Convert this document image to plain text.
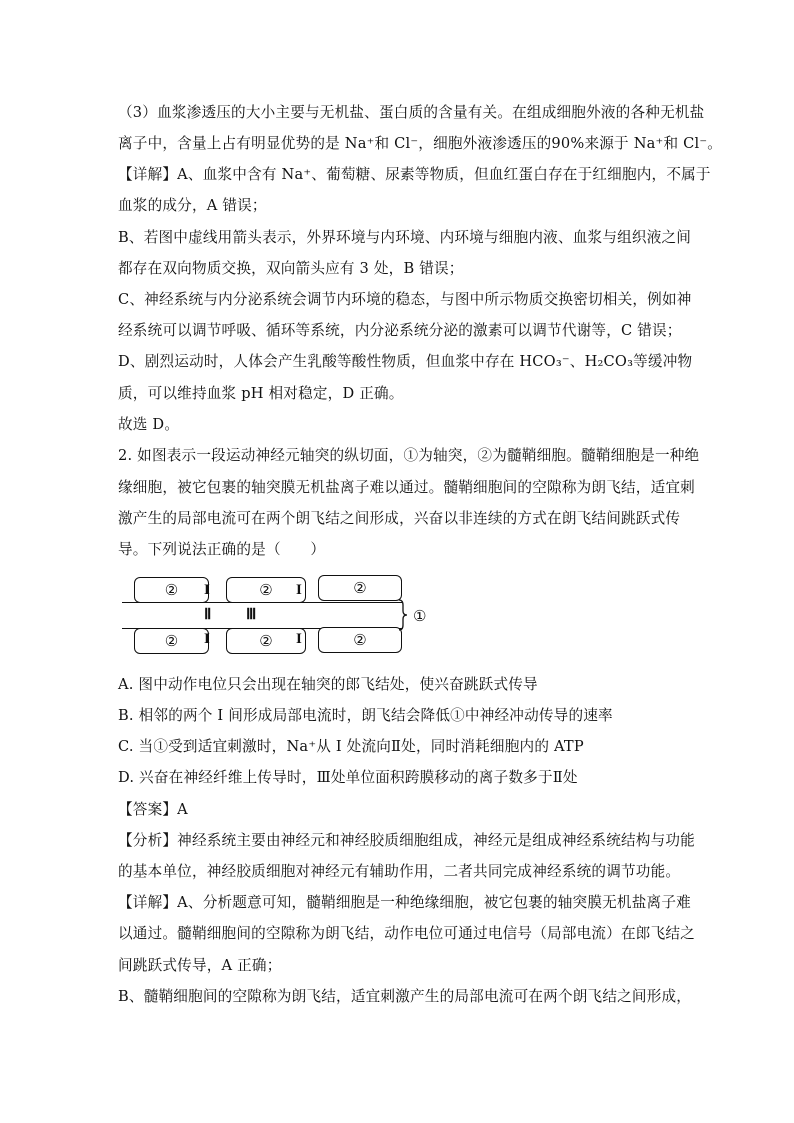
（3）血浆渗透压的大小主要与无机盐、蛋白质的含量有关。在组成细胞外液的各种无机盐
离子中，含量上占有明显优势的是 Na⁺和 Cl⁻，细胞外液渗透压的90%来源于 Na⁺和 Cl⁻。
【详解】A、血浆中含有 Na⁺、葡萄糖、尿素等物质，但血红蛋白存在于红细胞内，不属于
血浆的成分，A 错误；
B、若图中虚线用箭头表示，外界环境与内环境、内环境与细胞内液、血浆与组织液之间
都存在双向物质交换，双向箭头应有 3 处，B 错误；
C、神经系统与内分泌系统会调节内环境的稳态，与图中所示物质交换密切相关，例如神
经系统可以调节呼吸、循环等系统，内分泌系统分泌的激素可以调节代谢等，C 错误；
D、剧烈运动时，人体会产生乳酸等酸性物质，但血浆中存在 HCO₃⁻、H₂CO₃等缓冲物
质，可以维持血浆 pH 相对稳定，D 正确。
故选 D。
2. 如图表示一段运动神经元轴突的纵切面，①为轴突，②为髓鞘细胞。髓鞘细胞是一种绝
缘细胞，被它包裹的轴突膜无机盐离子难以通过。髓鞘细胞间的空隙称为朗飞结，适宜刺
激产生的局部电流可在两个朗飞结之间形成，兴奋以非连续的方式在朗飞结间跳跃式传
导。下列说法正确的是（　　）
②	②	②
I	I
Ⅱ Ⅲ
②	②	②
I	I
①
A. 图中动作电位只会出现在轴突的郎飞结处，使兴奋跳跃式传导
B. 相邻的两个 I 间形成局部电流时，朗飞结会降低①中神经冲动传导的速率
C. 当①受到适宜刺激时，Na⁺从 I 处流向Ⅱ处，同时消耗细胞内的 ATP
D. 兴奋在神经纤维上传导时，Ⅲ处单位面积跨膜移动的离子数多于Ⅱ处
【答案】A
【分析】神经系统主要由神经元和神经胶质细胞组成，神经元是组成神经系统结构与功能
的基本单位，神经胶质细胞对神经元有辅助作用，二者共同完成神经系统的调节功能。
【详解】A、分析题意可知，髓鞘细胞是一种绝缘细胞，被它包裹的轴突膜无机盐离子难
以通过。髓鞘细胞间的空隙称为朗飞结，动作电位可通过电信号（局部电流）在郎飞结之
间跳跃式传导，A 正确；
B、髓鞘细胞间的空隙称为朗飞结，适宜刺激产生的局部电流可在两个朗飞结之间形成，
